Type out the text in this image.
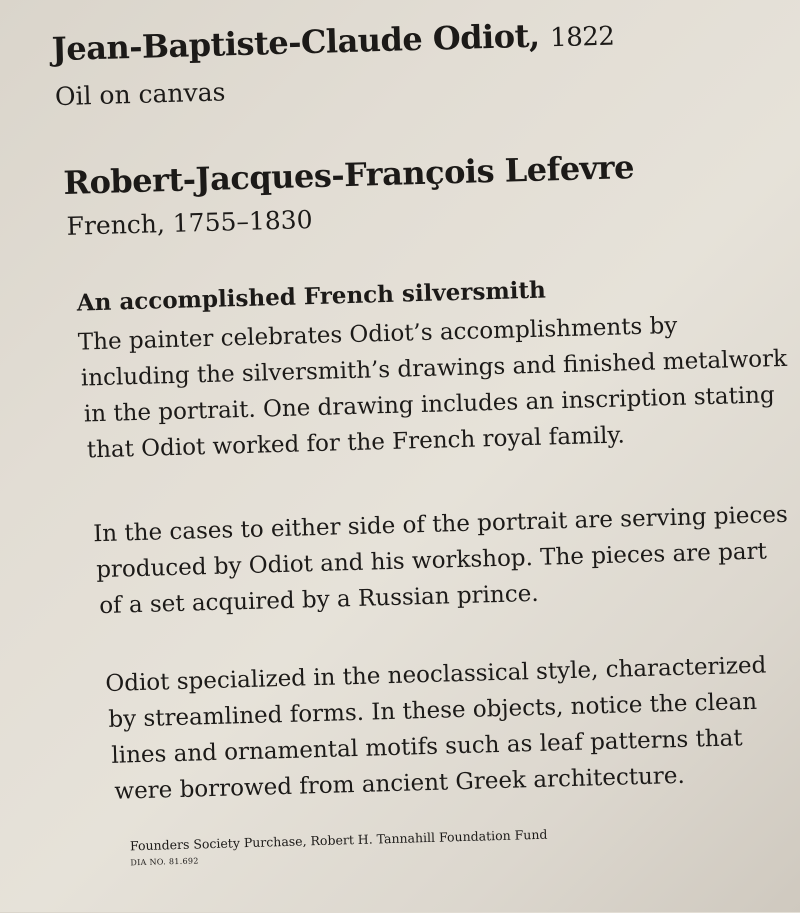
Jean-Baptiste-Claude Odiot, 1822
Oil on canvas
Robert-Jacques-François Lefevre
French, 1755–1830
An accomplished French silversmith
The painter celebrates Odiot’s accomplishments by
including the silversmith’s drawings and finished metalwork
in the portrait. One drawing includes an inscription stating
that Odiot worked for the French royal family.
In the cases to either side of the portrait are serving pieces
produced by Odiot and his workshop. The pieces are part
of a set acquired by a Russian prince.
Odiot specialized in the neoclassical style, characterized
by streamlined forms. In these objects, notice the clean
lines and ornamental motifs such as leaf patterns that
were borrowed from ancient Greek architecture.
Founders Society Purchase, Robert H. Tannahill Foundation Fund
DIA NO. 81.692
